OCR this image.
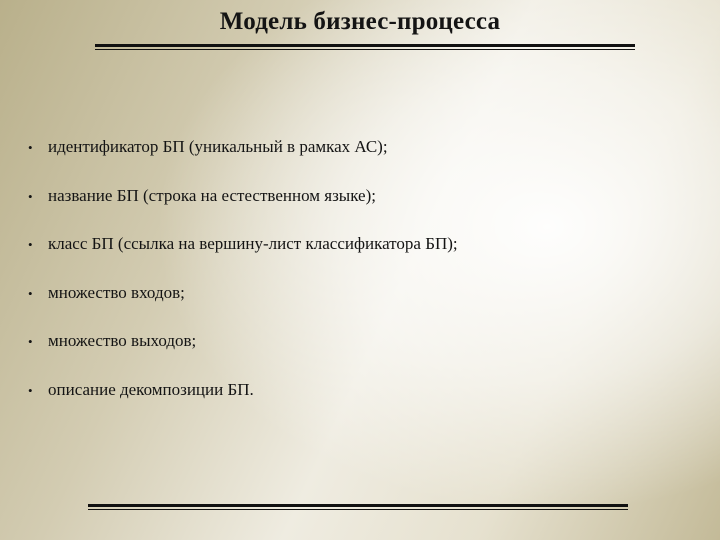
Модель бизнес-процесса
• идентификатор БП (уникальный в рамках АС);
• название БП (строка на естественном языке);
• класс БП (ссылка на вершину-лист классификатора БП);
• множество входов;
• множество выходов;
• описание декомпозиции БП.
